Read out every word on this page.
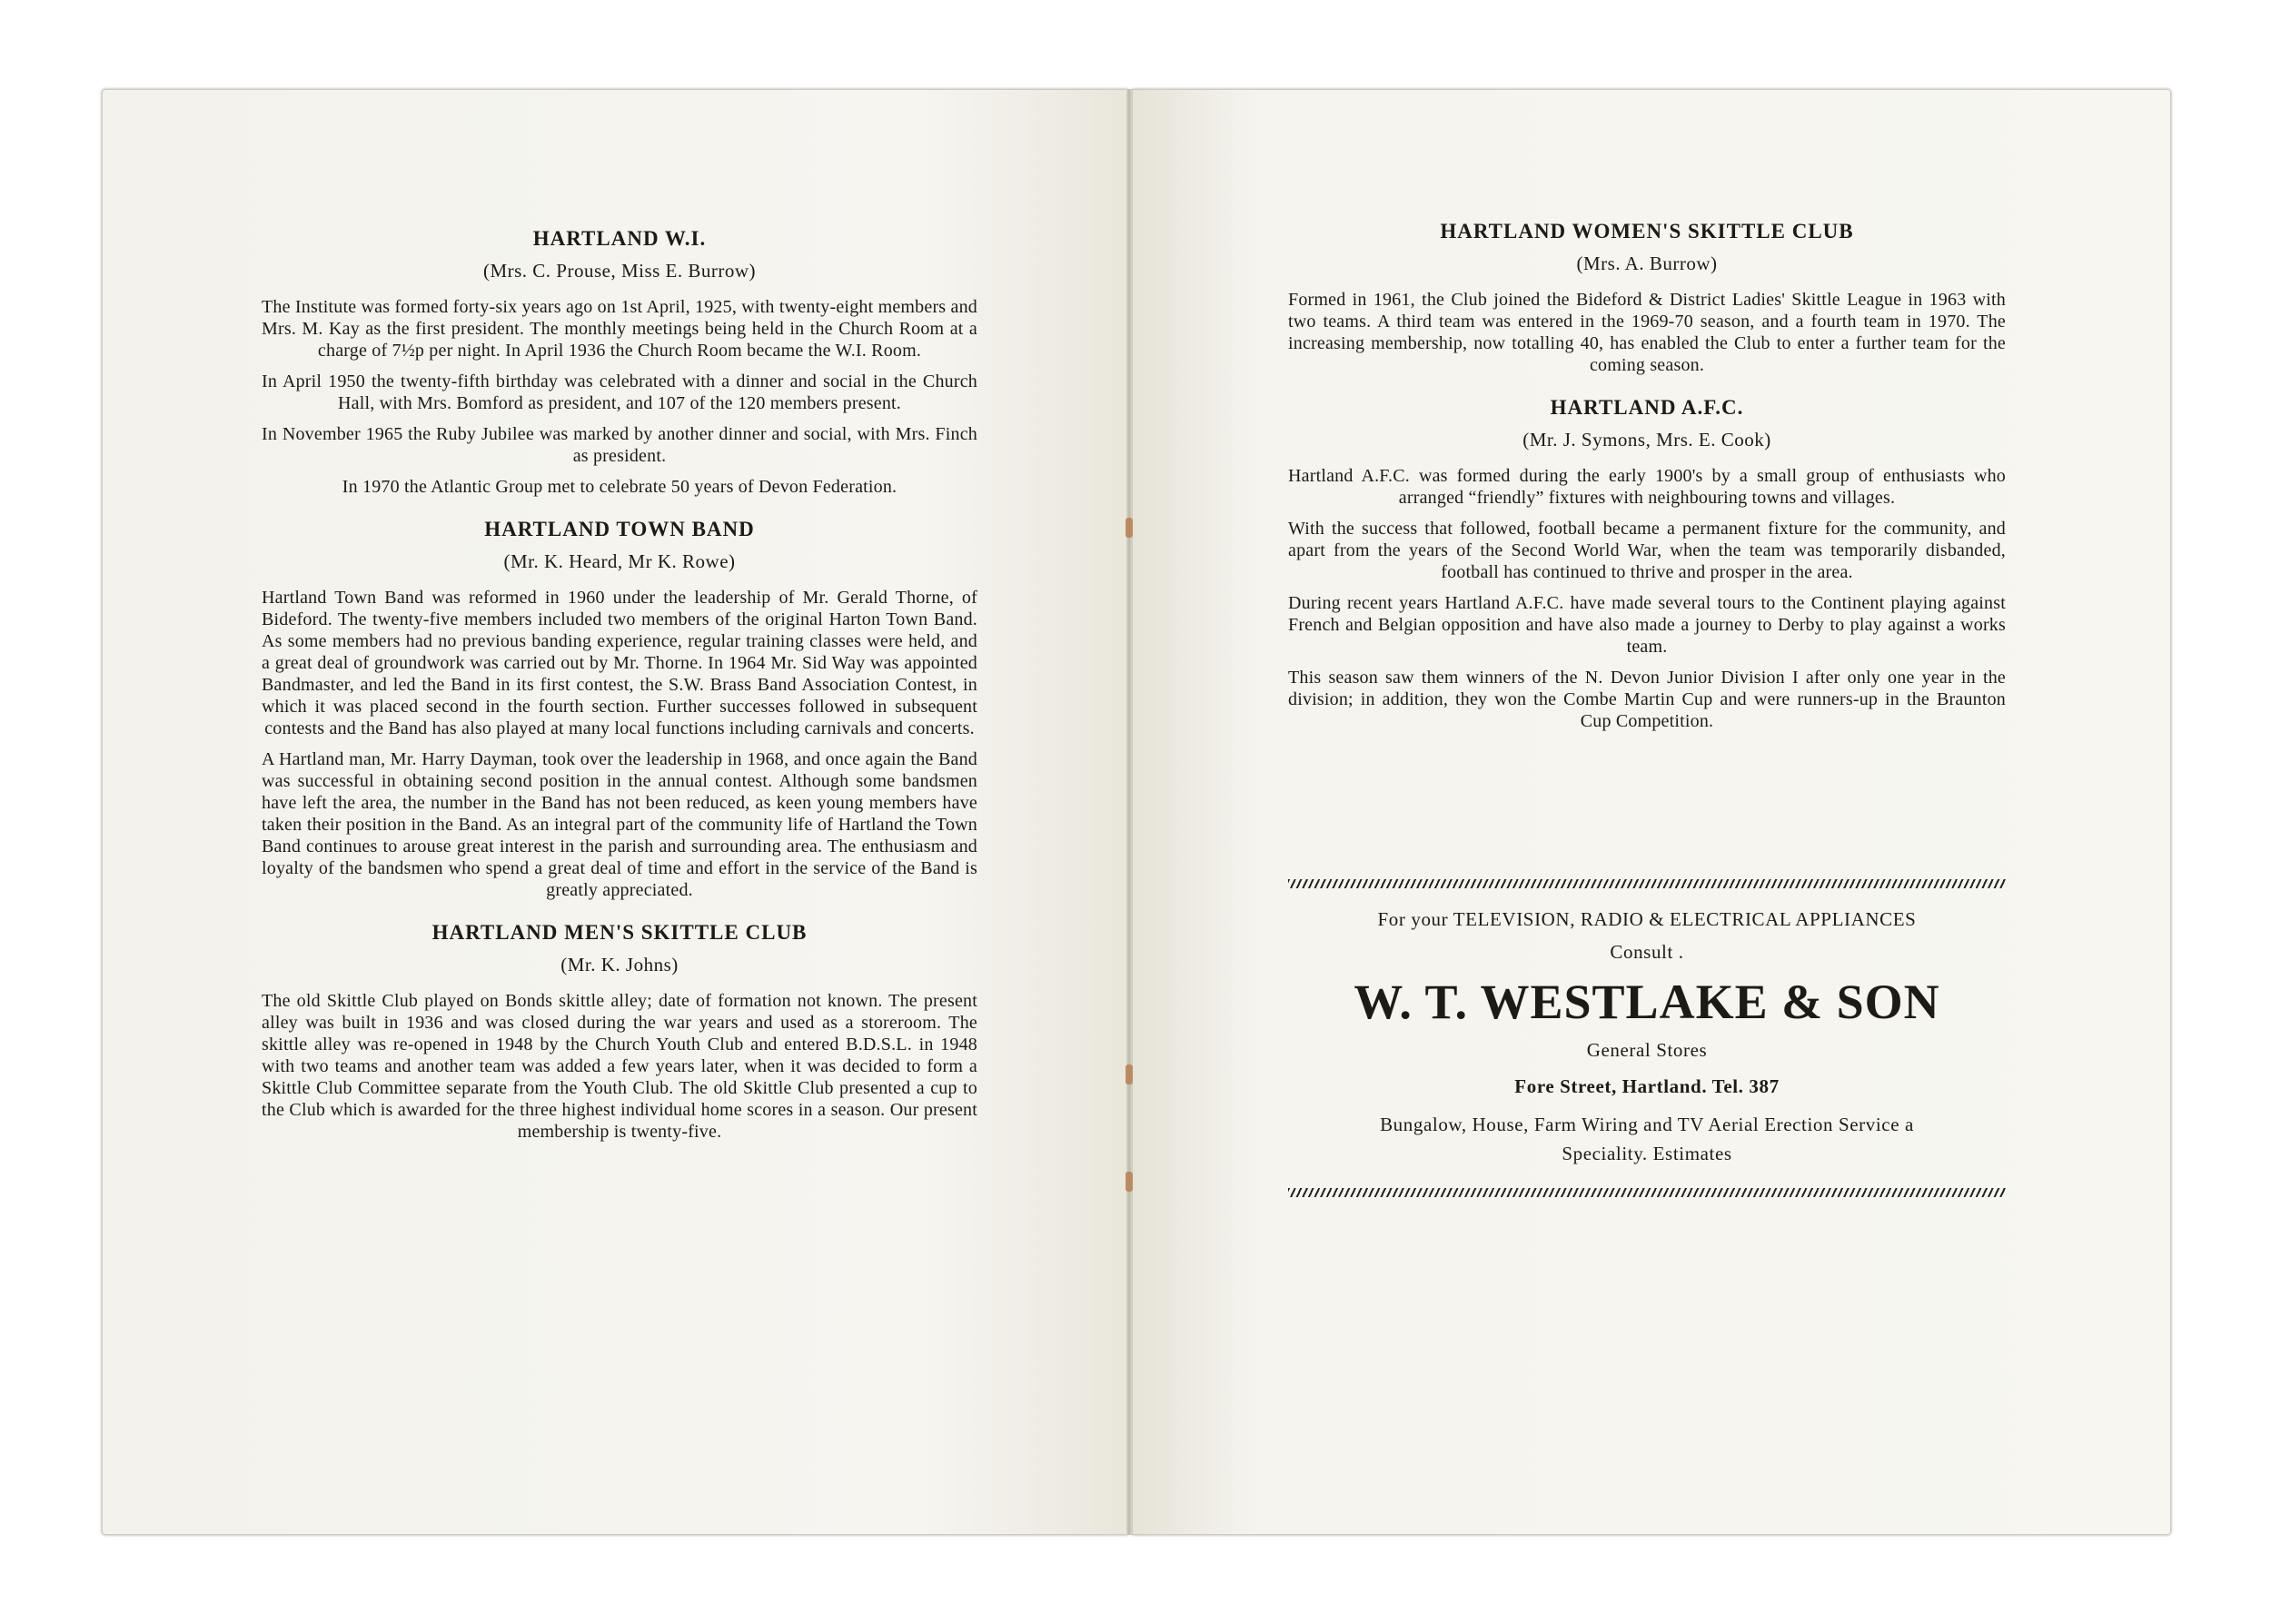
HARTLAND W.I.
(Mrs. C. Prouse, Miss E. Burrow)

The Institute was formed forty-six years ago on 1st April, 1925, with twenty-eight members and Mrs. M. Kay as the first president. The monthly meetings being held in the Church Room at a charge of 7½p per night. In April 1936 the Church Room became the W.I. Room.

In April 1950 the twenty-fifth birthday was celebrated with a dinner and social in the Church Hall, with Mrs. Bomford as president, and 107 of the 120 members present.

In November 1965 the Ruby Jubilee was marked by another dinner and social, with Mrs. Finch as president.

In 1970 the Atlantic Group met to celebrate 50 years of Devon Federation.

HARTLAND TOWN BAND
(Mr. K. Heard, Mr K. Rowe)

Hartland Town Band was reformed in 1960 under the leadership of Mr. Gerald Thorne, of Bideford. The twenty-five members included two members of the original Harton Town Band. As some members had no previous banding experience, regular training classes were held, and a great deal of groundwork was carried out by Mr. Thorne. In 1964 Mr. Sid Way was appointed Bandmaster, and led the Band in its first contest, the S.W. Brass Band Association Contest, in which it was placed second in the fourth section. Further successes followed in subsequent contests and the Band has also played at many local functions including carnivals and concerts.

A Hartland man, Mr. Harry Dayman, took over the leadership in 1968, and once again the Band was successful in obtaining second position in the annual contest. Although some bandsmen have left the area, the number in the Band has not been reduced, as keen young members have taken their position in the Band. As an integral part of the community life of Hartland the Town Band continues to arouse great interest in the parish and surrounding area. The enthusiasm and loyalty of the bandsmen who spend a great deal of time and effort in the service of the Band is greatly appreciated.

HARTLAND MEN'S SKITTLE CLUB
(Mr. K. Johns)

The old Skittle Club played on Bonds skittle alley; date of formation not known. The present alley was built in 1936 and was closed during the war years and used as a storeroom. The skittle alley was re-opened in 1948 by the Church Youth Club and entered B.D.S.L. in 1948 with two teams and another team was added a few years later, when it was decided to form a Skittle Club Committee separate from the Youth Club. The old Skittle Club presented a cup to the Club which is awarded for the three highest individual home scores in a season. Our present membership is twenty-five.

HARTLAND WOMEN'S SKITTLE CLUB
(Mrs. A. Burrow)

Formed in 1961, the Club joined the Bideford & District Ladies' Skittle League in 1963 with two teams. A third team was entered in the 1969-70 season, and a fourth team in 1970. The increasing membership, now totalling 40, has enabled the Club to enter a further team for the coming season.

HARTLAND A.F.C.
(Mr. J. Symons, Mrs. E. Cook)

Hartland A.F.C. was formed during the early 1900's by a small group of enthusiasts who arranged “friendly” fixtures with neighbouring towns and villages.

With the success that followed, football became a permanent fixture for the community, and apart from the years of the Second World War, when the team was temporarily disbanded, football has continued to thrive and prosper in the area.

During recent years Hartland A.F.C. have made several tours to the Continent playing against French and Belgian opposition and have also made a journey to Derby to play against a works team.

This season saw them winners of the N. Devon Junior Division I after only one year in the division; in addition, they won the Combe Martin Cup and were runners-up in the Braunton Cup Competition.

For your TELEVISION, RADIO & ELECTRICAL APPLIANCES
Consult .
W. T. WESTLAKE & SON
General Stores
Fore Street, Hartland. Tel. 387
Bungalow, House, Farm Wiring and TV Aerial Erection Service a
Speciality. Estimates
